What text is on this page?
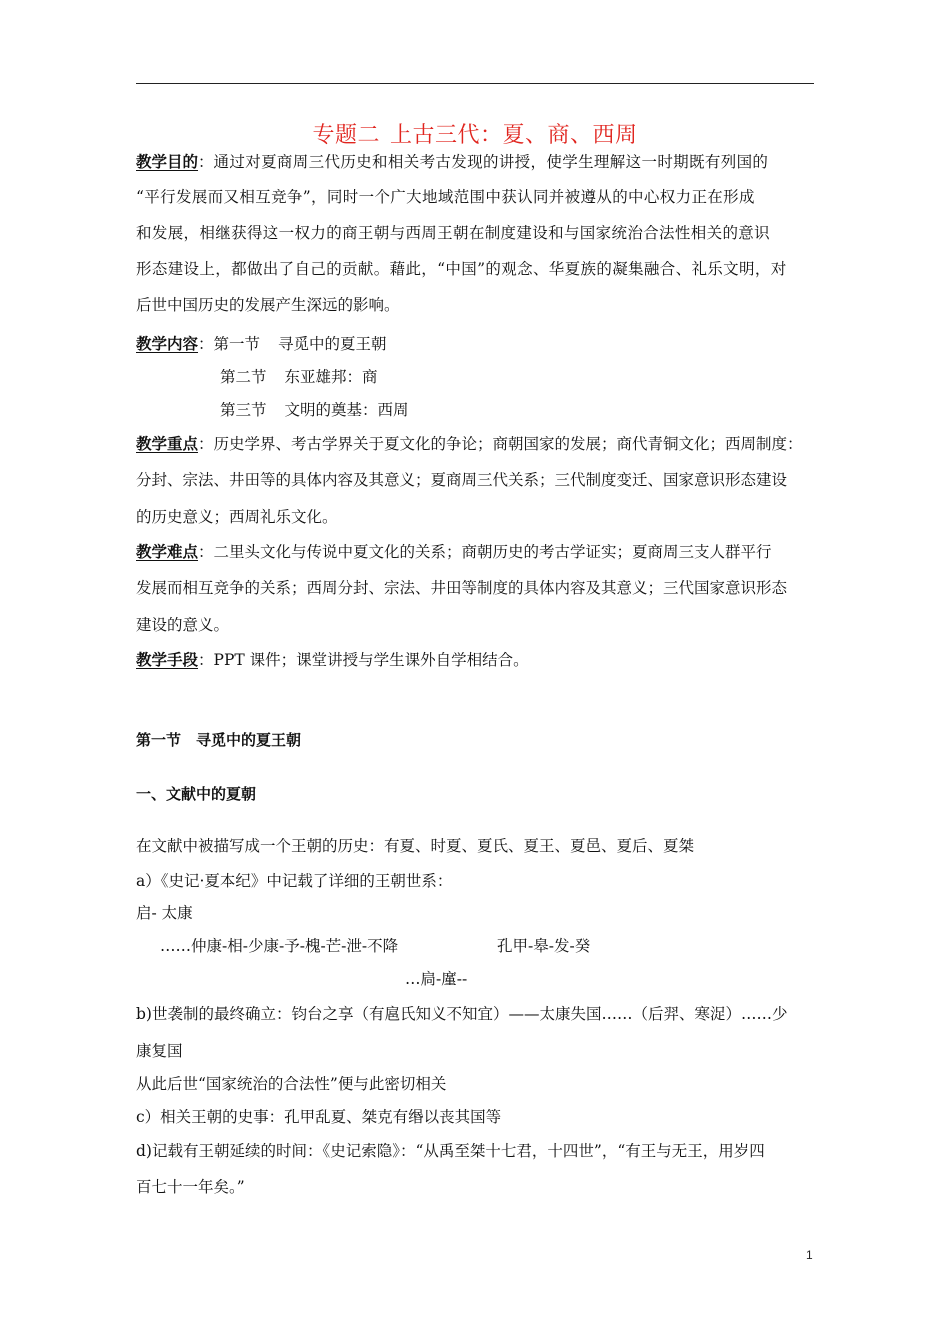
专题二 上古三代：夏、商、西周
教学目的：通过对夏商周三代历史和相关考古发现的讲授，使学生理解这一时期既有列国的
“平行发展而又相互竞争”，同时一个广大地域范围中获认同并被遵从的中心权力正在形成
和发展，相继获得这一权力的商王朝与西周王朝在制度建设和与国家统治合法性相关的意识
形态建设上，都做出了自己的贡献。藉此，“中国”的观念、华夏族的凝集融合、礼乐文明，对
后世中国历史的发展产生深远的影响。
教学内容：第一节 寻觅中的夏王朝
第二节 东亚雄邦：商
第三节 文明的奠基：西周
教学重点：历史学界、考古学界关于夏文化的争论；商朝国家的发展；商代青铜文化；西周制度：
分封、宗法、井田等的具体内容及其意义；夏商周三代关系；三代制度变迁、国家意识形态建设
的历史意义；西周礼乐文化。
教学难点：二里头文化与传说中夏文化的关系；商朝历史的考古学证实；夏商周三支人群平行
发展而相互竞争的关系；西周分封、宗法、井田等制度的具体内容及其意义；三代国家意识形态
建设的意义。
教学手段：PPT 课件；课堂讲授与学生课外自学相结合。
第一节　寻觅中的夏王朝
一、文献中的夏朝
在文献中被描写成一个王朝的历史：有夏、时夏、夏氏、夏王、夏邑、夏后、夏桀
a）《史记·夏本纪》中记载了详细的王朝世系：
启- 太康
……仲康-相-少康-予-槐-芒-泄-不降	孔甲-皋-发-癸
…扃-廑--
b)世袭制的最终确立：钧台之享（有扈氏知义不知宜）——太康失国……（后羿、寒浞）……少
康复国
从此后世“国家统治的合法性”便与此密切相关
c）相关王朝的史事：孔甲乱夏、桀克有缗以丧其国等
d)记载有王朝延续的时间：《史记索隐》：“从禹至桀十七君，十四世”，“有王与无王，用岁四
百七十一年矣。”
1
